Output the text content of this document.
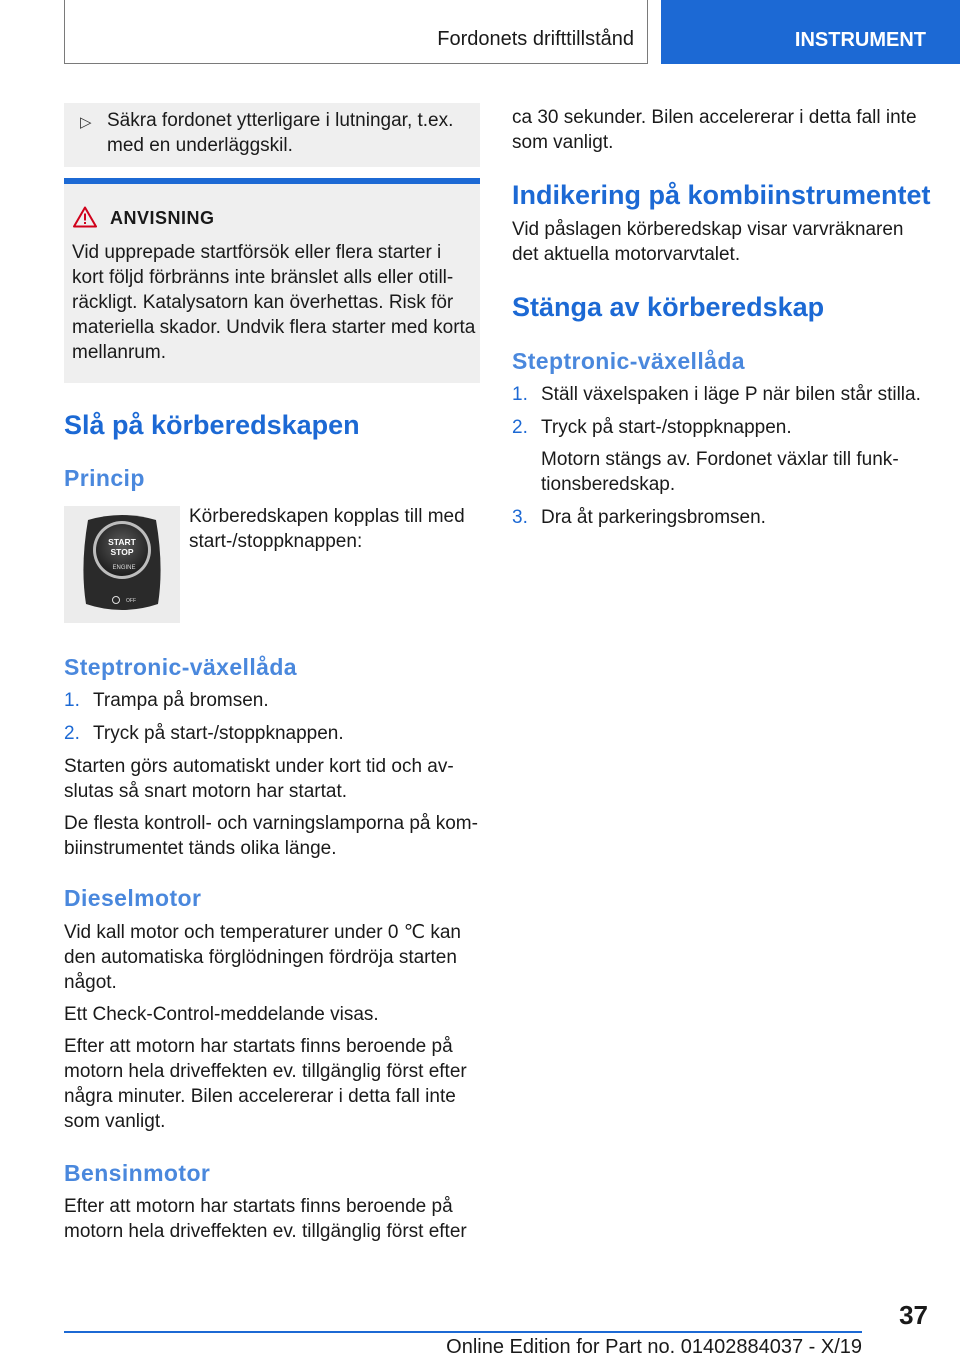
Fordonets drifttillstånd	INSTRUMENT
▷ Säkra fordonet ytterligare i lutningar, t.ex. med en underläggskil.
ANVISNING
Vid upprepade startförsök eller flera starter i kort följd förbränns inte bränslet alls eller otillräckligt. Katalysatorn kan överhettas. Risk för materiella skador. Undvik flera starter med korta mellanrum.
Slå på körberedskapen
Princip
START
STOP
ENGINE
OFF
Körberedskapen kopplas till med start-/stoppknappen:
Steptronic-växellåda
1. Trampa på bromsen.
2. Tryck på start-/stoppknappen.
Starten görs automatiskt under kort tid och avslutas så snart motorn har startat.
De flesta kontroll- och varningslamporna på kombiinstrumentet tänds olika länge.
Dieselmotor
Vid kall motor och temperaturer under 0 ℃ kan den automatiska förglödningen fördröja starten något.
Ett Check-Control-meddelande visas.
Efter att motorn har startats finns beroende på motorn hela driveffekten ev. tillgänglig först efter några minuter. Bilen accelererar i detta fall inte som vanligt.
Bensinmotor
Efter att motorn har startats finns beroende på motorn hela driveffekten ev. tillgänglig först efter
ca 30 sekunder. Bilen accelererar i detta fall inte som vanligt.
Indikering på kombiinstrumentet
Vid påslagen körberedskap visar varvräknaren det aktuella motorvarvtalet.
Stänga av körberedskap
Steptronic-växellåda
1. Ställ växelspaken i läge P när bilen står stilla.
2. Tryck på start-/stoppknappen.
Motorn stängs av. Fordonet växlar till funktionsberedskap.
3. Dra åt parkeringsbromsen.
37
Online Edition for Part no. 01402884037 - X/19
